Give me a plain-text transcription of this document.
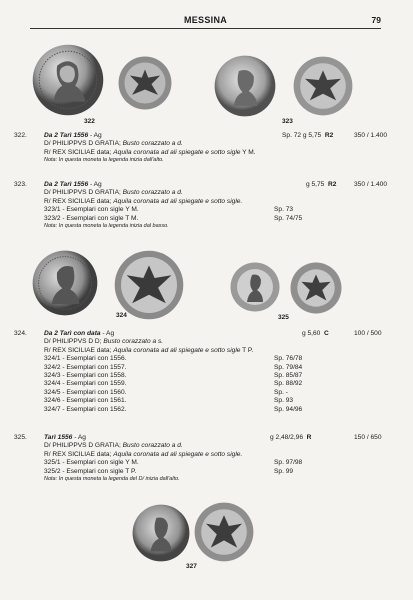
MESSINA	79
322	323
322.	Da 2 Tarì 1556 - Ag	Sp. 72 g 5,75 R2	350 / 1.400
D/ PHILIPPVS D GRATIA; Busto corazzato a d.
R/ REX SICILIAE data; Aquila coronata ad ali spiegate e sotto sigle Y M.
Nota: In questa moneta la legenda inizia dall'alto.
323.	Da 2 Tarì 1556 - Ag	g 5,75 R2	350 / 1.400
D/ PHILIPPVS D GRATIA; Busto corazzato a d.
R/ REX SICILIAE data; Aquila coronata ad ali spiegate e sotto sigle.
323/1 - Esemplari con sigle Y M.	Sp. 73
323/2 - Esemplari con sigle T M.	Sp. 74/75
Nota: In questa moneta la legenda inizia dal basso.
324	325
324.	Da 2 Tarì con data - Ag	g 5,60 C	100 / 500
D/ PHILIPPVS D D; Busto corazzato a s.
R/ REX SICILIAE data; Aquila coronata ad ali spiegate e sotto sigle T P.
324/1 - Esemplari con 1556.	Sp. 76/78
324/2 - Esemplari con 1557.	Sp. 79/84
324/3 - Esemplari con 1558.	Sp. 85/87
324/4 - Esemplari con 1559.	Sp. 88/92
324/5 - Esemplari con 1560.	Sp. -
324/6 - Esemplari con 1561.	Sp. 93
324/7 - Esemplari con 1562.	Sp. 94/96
325.	Tarì 1556 - Ag	g 2,48/2,96 R	150 / 650
D/ PHILIPPVS D GRATIA; Busto corazzato a d.
R/ REX SICILIAE data; Aquila coronata ad ali spiegate e sotto sigle.
325/1 - Esemplari con sigle Y M.	Sp. 97/98
325/2 - Esemplari con sigle T P.	Sp. 99
Nota: In questa moneta la legenda del D/ inizia dall'alto.
327
